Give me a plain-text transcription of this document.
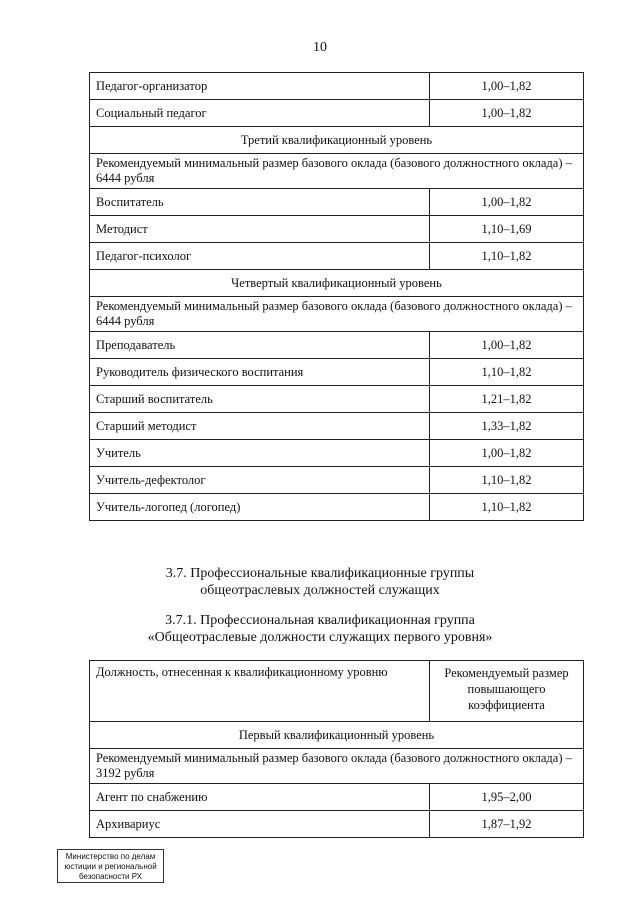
10
Педагог-организатор	1,00–1,82
Социальный педагог	1,00–1,82
Третий квалификационный уровень	
Рекомендуемый минимальный размер базового оклада (базового должностного оклада) – 6444 рубля	
Воспитатель	1,00–1,82
Методист	1,10–1,69
Педагог-психолог	1,10–1,82
Четвертый квалификационный уровень	
Рекомендуемый минимальный размер базового оклада (базового должностного оклада) – 6444 рубля	
Преподаватель	1,00–1,82
Руководитель физического воспитания	1,10–1,82
Старший воспитатель	1,21–1,82
Старший методист	1,33–1,82
Учитель	1,00–1,82
Учитель-дефектолог	1,10–1,82
Учитель-логопед (логопед)	1,10–1,82
3.7. Профессиональные квалификационные группы
общеотраслевых должностей служащих
3.7.1. Профессиональная квалификационная группа
«Общеотраслевые должности служащих первого уровня»
Должность, отнесенная к квалификационному уровню	Рекомендуемый размер повышающего коэффициента
Первый квалификационный уровень	
Рекомендуемый минимальный размер базового оклада (базового должностного оклада) – 3192 рубля	
Агент по снабжению	1,95–2,00
Архивариус	1,87–1,92
Министерство по делам юстиции и региональной безопасности РХ
